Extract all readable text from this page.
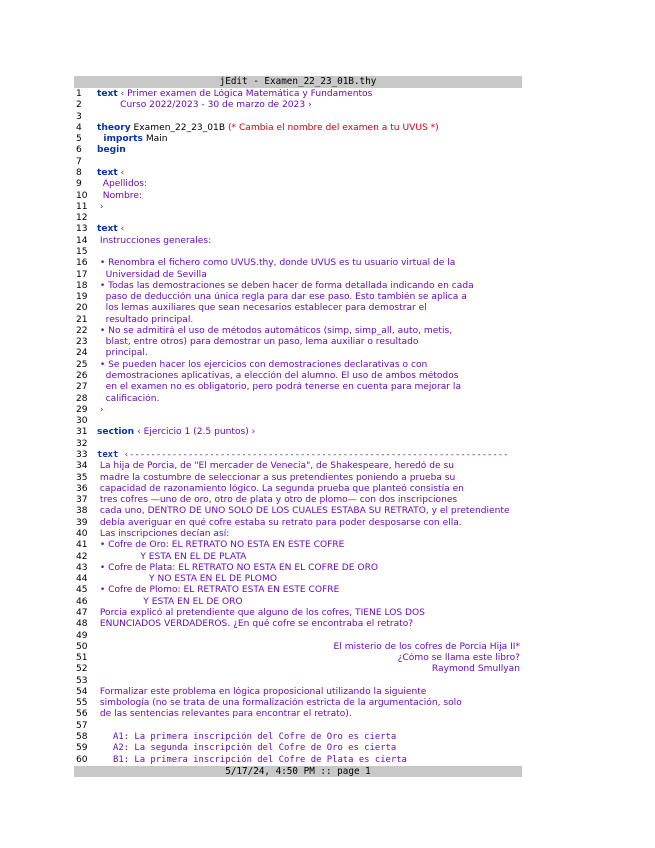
jEdit - Examen_22_23_01B.thy
1	text ‹ Primer examen de Lógica Matemática y Fundamentos
2	Curso 2022/2023 - 30 de marzo de 2023 ›
3
4	theory Examen_22_23_01B (* Cambia el nombre del examen a tu UVUS *)
5	imports Main
6	begin
7
8	text ‹
9	Apellidos:
10	Nombre:
11	›
12
13	text ‹
14	Instrucciones generales:
15
16	• Renombra el fichero como UVUS.thy, donde UVUS es tu usuario virtual de la
17	Universidad de Sevilla
18	• Todas las demostraciones se deben hacer de forma detallada indicando en cada
19	paso de deducción una única regla para dar ese paso. Esto también se aplica a
20	los lemas auxiliares que sean necesarios establecer para demostrar el
21	resultado principal.
22	• No se admitirá el uso de métodos automáticos (simp, simp_all, auto, metis,
23	blast, entre otros) para demostrar un paso, lema auxiliar o resultado
24	principal.
25	• Se pueden hacer los ejercicios con demostraciones declarativas o con
26	demostraciones aplicativas, a elección del alumno. El uso de ambos métodos
27	en el examen no es obligatorio, pero podrá tenerse en cuenta para mejorar la
28	calificación.
29	›
30
31	section ‹ Ejercicio 1 (2.5 puntos) ›
32
33	text ‹-----------------------------------------------------------------------
34	La hija de Porcia, de "El mercader de Venecia", de Shakespeare, heredó de su
35	madre la costumbre de seleccionar a sus pretendientes poniendo a prueba su
36	capacidad de razonamiento lógico. La segunda prueba que planteó consistía en
37	tres cofres —uno de oro, otro de plata y otro de plomo— con dos inscripciones
38	cada uno, DENTRO DE UNO SOLO DE LOS CUALES ESTABA SU RETRATO, y el pretendiente
39	debía averiguar en qué cofre estaba su retrato para poder desposarse con ella.
40	Las inscripciones decían así:
41	• Cofre de Oro: EL RETRATO NO ESTÁ EN ESTE COFRE
42	Y ESTÁ EN EL DE PLATA
43	• Cofre de Plata: EL RETRATO NO ESTÁ EN EL COFRE DE ORO
44	Y NO ESTÁ EN EL DE PLOMO
45	• Cofre de Plomo: EL RETRATO ESTA EN ESTE COFRE
46	Y ESTÁ EN EL DE ORO
47	Porcia explicó al pretendiente que alguno de los cofres, TIENE LOS DOS
48	ENUNCIADOS VERDADEROS. ¿En qué cofre se encontraba el retrato?
49
50	El misterio de los cofres de Porcia Hija II*
51	¿Cómo se llama este libro?
52	Raymond Smullyan
53
54	Formalizar este problema en lógica proposicional utilizando la siguiente
55	simbología (no se trata de una formalización estricta de la argumentación, solo
56	de las sentencias relevantes para encontrar el retrato).
57
58	A1: La primera inscripción del Cofre de Oro es cierta
59	A2: La segunda inscripción del Cofre de Oro es cierta
60	B1: La primera inscripción del Cofre de Plata es cierta
5/17/24, 4:50 PM :: page 1
